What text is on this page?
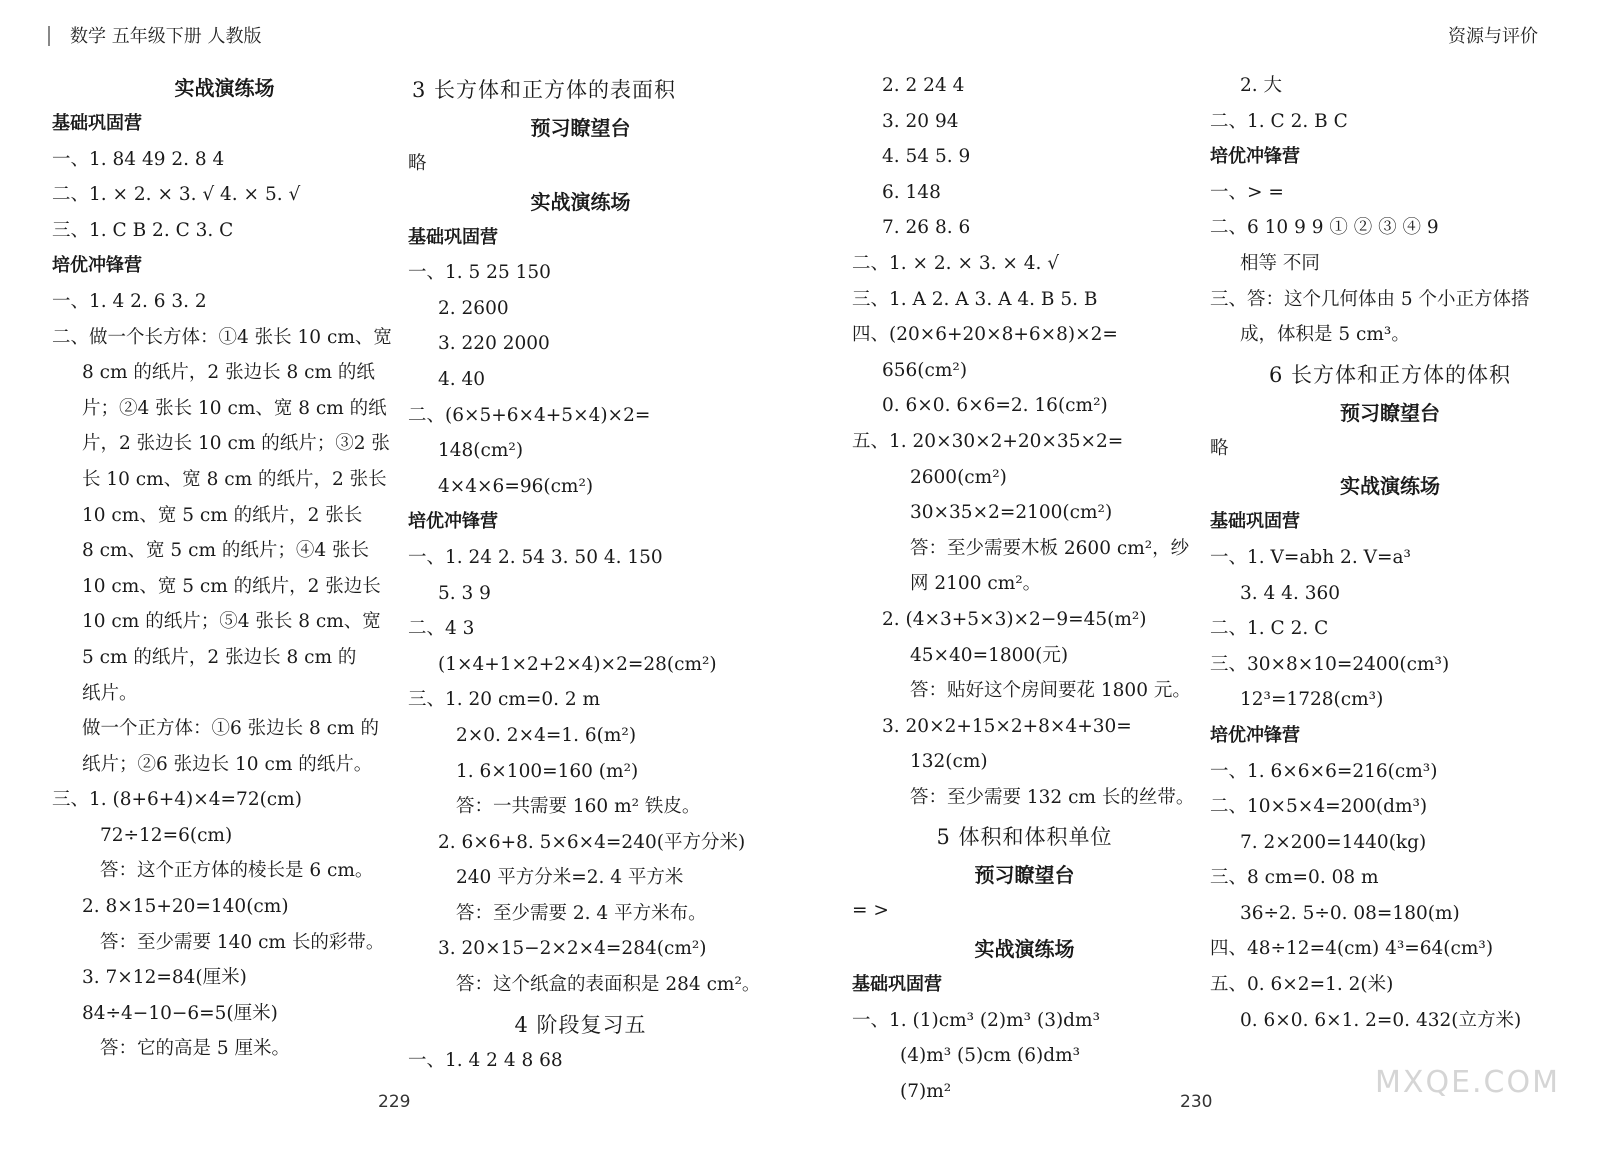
数学 五年级下册 人教版	资源与评价
实战演练场
基础巩固营
一、1. 84 49 2. 8 4
二、1. × 2. × 3. √ 4. × 5. √
三、1. C B 2. C 3. C
培优冲锋营
一、1. 4 2. 6 3. 2
二、做一个长方体：①4 张长 10 cm、宽
8 cm 的纸片，2 张边长 8 cm 的纸
片；②4 张长 10 cm、宽 8 cm 的纸
片，2 张边长 10 cm 的纸片；③2 张
长 10 cm、宽 8 cm 的纸片，2 张长
10 cm、宽 5 cm 的纸片，2 张长
8 cm、宽 5 cm 的纸片；④4 张长
10 cm、宽 5 cm 的纸片，2 张边长
10 cm 的纸片；⑤4 张长 8 cm、宽
5 cm 的纸片，2 张边长 8 cm 的
纸片。
做一个正方体：①6 张边长 8 cm 的
纸片；②6 张边长 10 cm 的纸片。
三、1. (8+6+4)×4=72(cm)
72÷12=6(cm)
答：这个正方体的棱长是 6 cm。
2. 8×15+20=140(cm)
答：至少需要 140 cm 长的彩带。
3. 7×12=84(厘米)
84÷4−10−6=5(厘米)
答：它的高是 5 厘米。
3 长方体和正方体的表面积
预习瞭望台
略
实战演练场
基础巩固营
一、1. 5 25 150
2. 2600
3. 220 2000
4. 40
二、(6×5+6×4+5×4)×2=
148(cm²)
4×4×6=96(cm²)
培优冲锋营
一、1. 24 2. 54 3. 50 4. 150
5. 3 9
二、4 3
(1×4+1×2+2×4)×2=28(cm²)
三、1. 20 cm=0. 2 m
2×0. 2×4=1. 6(m²)
1. 6×100=160 (m²)
答：一共需要 160 m² 铁皮。
2. 6×6+8. 5×6×4=240(平方分米)
240 平方分米=2. 4 平方米
答：至少需要 2. 4 平方米布。
3. 20×15−2×2×4=284(cm²)
答：这个纸盒的表面积是 284 cm²。
4 阶段复习五
一、1. 4 2 4 8 68
2. 2 24 4
3. 20 94
4. 54 5. 9
6. 148
7. 26 8. 6
二、1. × 2. × 3. × 4. √
三、1. A 2. A 3. A 4. B 5. B
四、(20×6+20×8+6×8)×2=
656(cm²)
0. 6×0. 6×6=2. 16(cm²)
五、1. 20×30×2+20×35×2=
2600(cm²)
30×35×2=2100(cm²)
答：至少需要木板 2600 cm²，纱
网 2100 cm²。
2. (4×3+5×3)×2−9=45(m²)
45×40=1800(元)
答：贴好这个房间要花 1800 元。
3. 20×2+15×2+8×4+30=
132(cm)
答：至少需要 132 cm 长的丝带。
5 体积和体积单位
预习瞭望台
= >
实战演练场
基础巩固营
一、1. (1)cm³ (2)m³ (3)dm³
(4)m³ (5)cm (6)dm³
(7)m²
2. 大
二、1. C 2. B C
培优冲锋营
一、> =
二、6 10 9 9 ① ② ③ ④ 9
相等 不同
三、答：这个几何体由 5 个小正方体搭
成，体积是 5 cm³。
6 长方体和正方体的体积
预习瞭望台
略
实战演练场
基础巩固营
一、1. V=abh 2. V=a³
3. 4 4. 360
二、1. C 2. C
三、30×8×10=2400(cm³)
12³=1728(cm³)
培优冲锋营
一、1. 6×6×6=216(cm³)
二、10×5×4=200(dm³)
7. 2×200=1440(kg)
三、8 cm=0. 08 m
36÷2. 5÷0. 08=180(m)
四、48÷12=4(cm) 4³=64(cm³)
五、0. 6×2=1. 2(米)
0. 6×0. 6×1. 2=0. 432(立方米)
229	230
MXQE.COM
